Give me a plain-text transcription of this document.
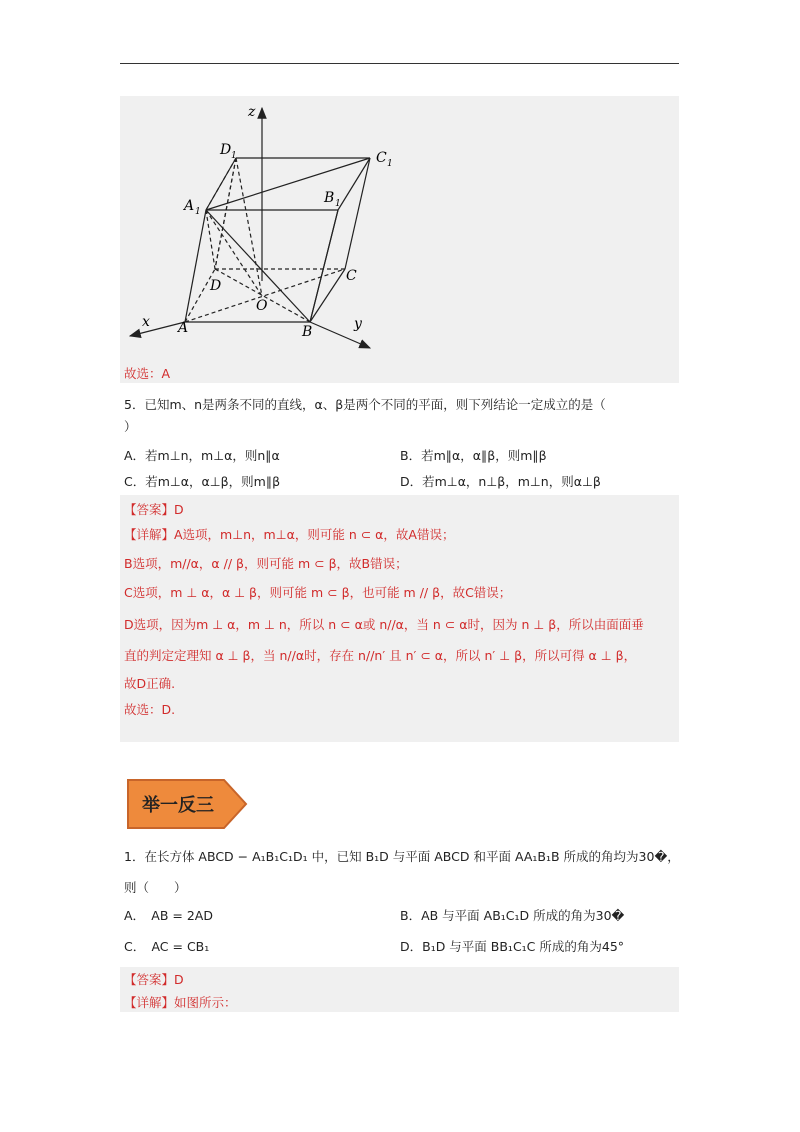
z
x	y
D 1	C 1
A 1
B 1
D
C
A	B
O
故选：A
5．已知m、n是两条不同的直线，α、β是两个不同的平面，则下列结论一定成立的是（
）
A．若m⊥n，m⊥α，则n∥α	B．若m∥α，α∥β，则m∥β
C．若m⊥α，α⊥β，则m∥β	D．若m⊥α，n⊥β，m⊥n，则α⊥β
【答案】D
【详解】A选项，m⊥n，m⊥α，则可能 n ⊂ α，故A错误；
B选项，m//α，α // β，则可能 m ⊂ β，故B错误；
C选项，m ⊥ α，α ⊥ β，则可能 m ⊂ β，也可能 m // β，故C错误；
D选项，因为m ⊥ α，m ⊥ n，所以 n ⊂ α或 n//α，当 n ⊂ α时，因为 n ⊥ β，所以由面面垂
直的判定定理知 α ⊥ β，当 n//α时，存在 n//n′ 且 n′ ⊂ α，所以 n′ ⊥ β，所以可得 α ⊥ β，
故D正确.
故选：D.
举一反三
1．在长方体 ABCD − A₁B₁C₁D₁ 中，已知 B₁D 与平面 ABCD 和平面 AA₁B₁B 所成的角均为30�，
则（　　）
A．　AB = 2AD	B．AB 与平面 AB₁C₁D 所成的角为30�
C．　AC = CB₁	D．B₁D 与平面 BB₁C₁C 所成的角为45°
【答案】D
【详解】如图所示：
